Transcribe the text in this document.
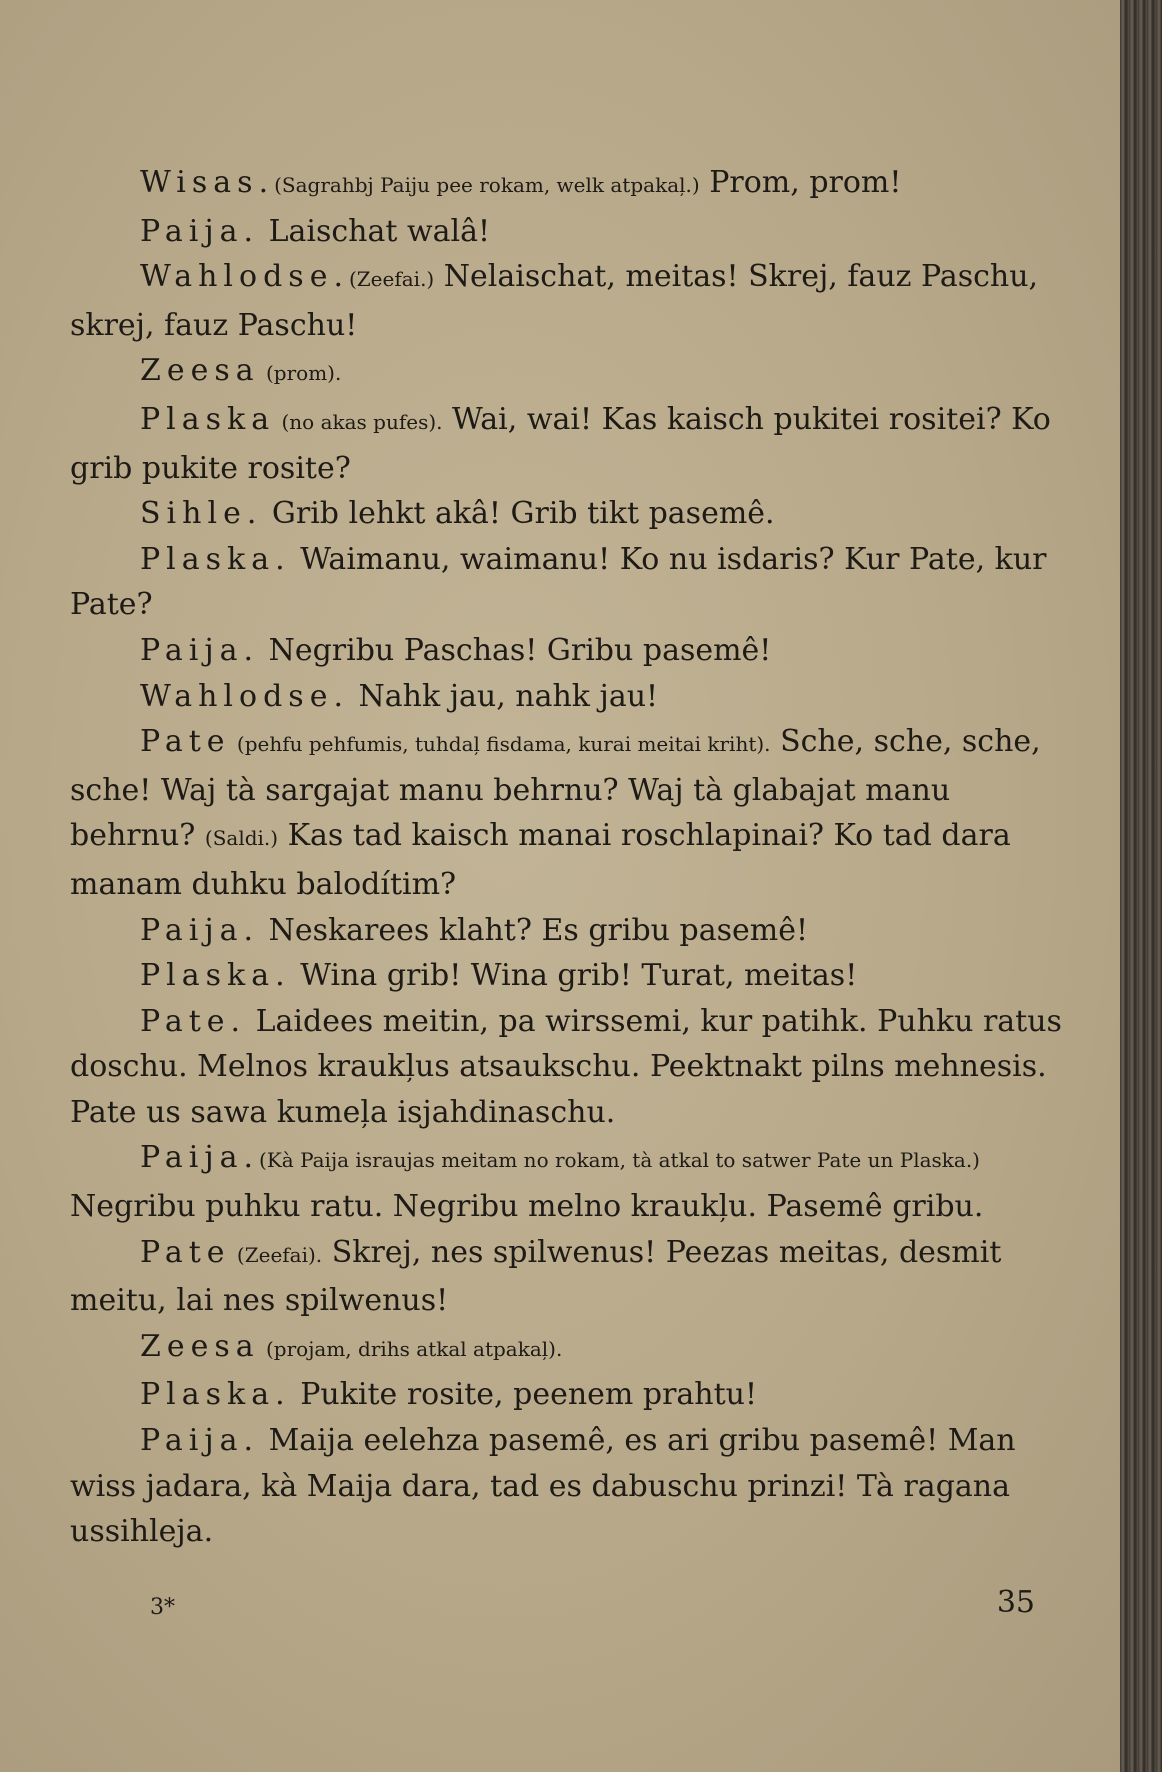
Wisas.(Sagrahbj Paiju pee rokam, welk atpakaļ.) Prom, prom!

Paija. Laischat walâ!

Wahlodse.(Zeefai.) Nelaischat, meitas! Skrej, fauz Paschu, skrej, fauz Paschu!

Zeesa (prom).

Plaska (no akas pufes). Wai, wai! Kas kaisch pukitei rositei? Ko grib pukite rosite?

Sihle. Grib lehkt akâ! Grib tikt pasemê.

Plaska. Waimanu, waimanu! Ko nu isdaris? Kur Pate, kur Pate?

Paija. Negribu Paschas! Gribu pasemê!

Wahlodse. Nahk jau, nahk jau!

Pate (pehfu pehfumis, tuhdaļ fisdama, kurai meitai kriht). Sche, sche, sche, sche! Waj tà sargajat manu behrnu? Waj tà glabajat manu behrnu? (Saldi.) Kas tad kaisch manai roschlapinai? Ko tad dara manam duhku balodítim?

Paija. Neskarees klaht? Es gribu pasemê!

Plaska. Wina grib! Wina grib! Turat, meitas!

Pate. Laidees meitin, pa wirssemi, kur patihk. Puhku ratus doschu. Melnos kraukļus atsaukschu. Peektnakt pilns mehnesis. Pate us sawa kumeļa isjahdinaschu.

Paija.(Kà Paija israujas meitam no rokam, tà atkal to satwer Pate un Plaska.) Negribu puhku ratu. Negribu melno kraukļu. Pasemê gribu.

Pate (Zeefai). Skrej, nes spilwenus! Peezas meitas, desmit meitu, lai nes spilwenus!

Zeesa (projam, drihs atkal atpakaļ).

Plaska. Pukite rosite, peenem prahtu!

Paija. Maija eelehza pasemê, es ari gribu pasemê! Man wiss jadara, kà Maija dara, tad es dabuschu prinzi! Tà ragana ussihleja.

3*	35
